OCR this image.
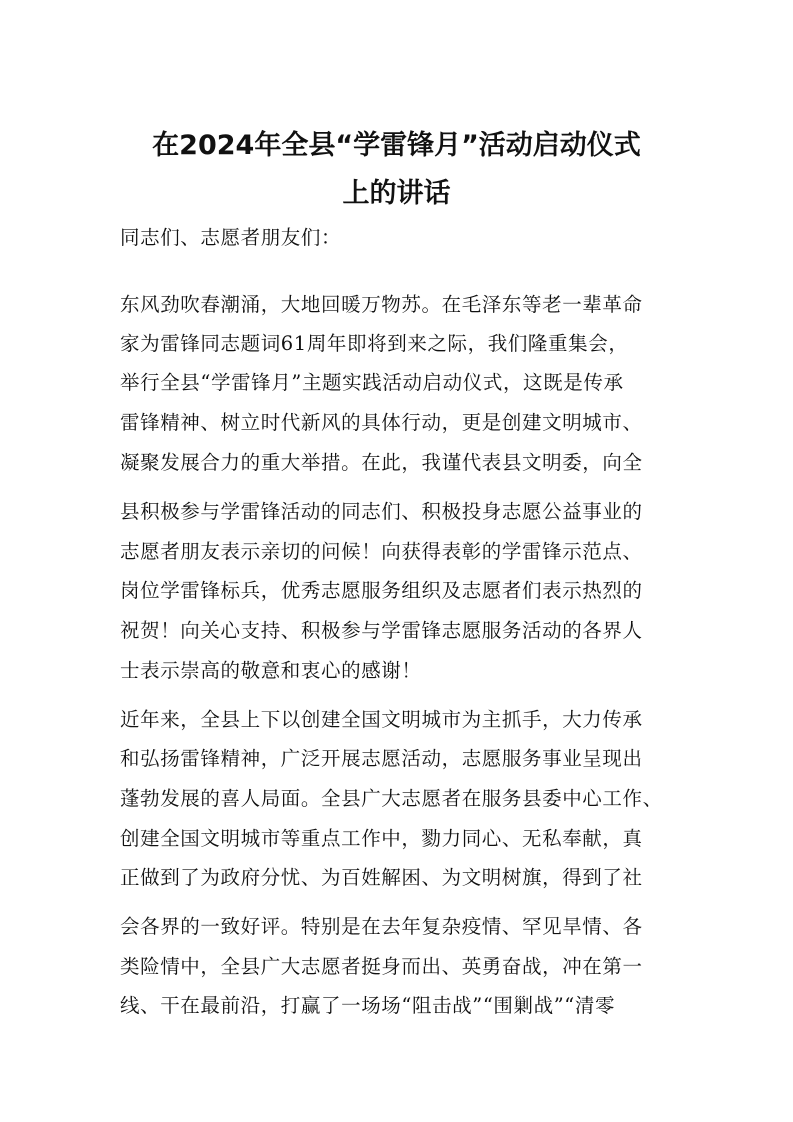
在2024年全县“学雷锋月”活动启动仪式
上的讲话

同志们、志愿者朋友们：

东风劲吹春潮涌，大地回暖万物苏。在毛泽东等老一辈革命

家为雷锋同志题词61周年即将到来之际，我们隆重集会，

举行全县“学雷锋月”主题实践活动启动仪式，这既是传承

雷锋精神、树立时代新风的具体行动，更是创建文明城市、

凝聚发展合力的重大举措。在此，我谨代表县文明委，向全

县积极参与学雷锋活动的同志们、积极投身志愿公益事业的

志愿者朋友表示亲切的问候！向获得表彰的学雷锋示范点、

岗位学雷锋标兵，优秀志愿服务组织及志愿者们表示热烈的

祝贺！向关心支持、积极参与学雷锋志愿服务活动的各界人

士表示崇高的敬意和衷心的感谢！

近年来，全县上下以创建全国文明城市为主抓手，大力传承

和弘扬雷锋精神，广泛开展志愿活动，志愿服务事业呈现出

蓬勃发展的喜人局面。全县广大志愿者在服务县委中心工作、

创建全国文明城市等重点工作中，勠力同心、无私奉献，真

正做到了为政府分忧、为百姓解困、为文明树旗，得到了社

会各界的一致好评。特别是在去年复杂疫情、罕见旱情、各

类险情中，全县广大志愿者挺身而出、英勇奋战，冲在第一

线、干在最前沿，打赢了一场场“阻击战”“围剿战”“清零
